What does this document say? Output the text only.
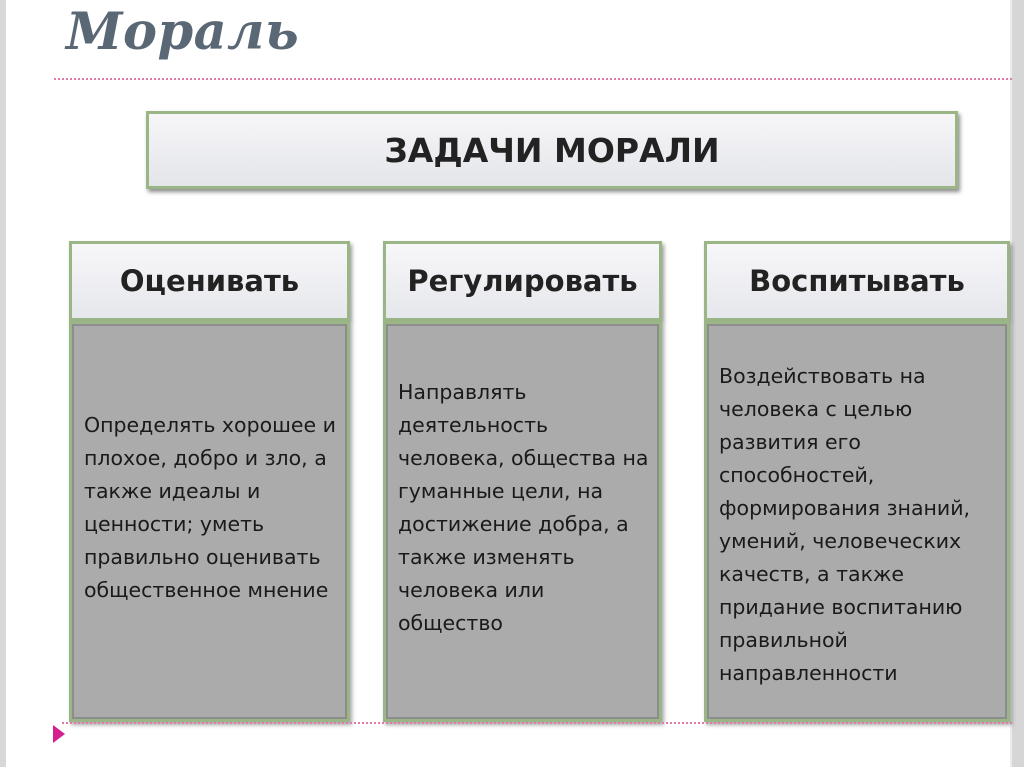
Мораль
ЗАДАЧИ МОРАЛИ
Оценивать
Определять хорошее и плохое, добро и зло, а также идеалы и ценности; уметь правильно оценивать общественное мнение
Регулировать
Направлять деятельность человека, общества на гуманные цели, на достижение добра, а также изменять человека или общество
Воспитывать
Воздействовать на человека с целью развития его способностей, формирования знаний, умений, человеческих качеств, а также придание воспитанию правильной направленности
